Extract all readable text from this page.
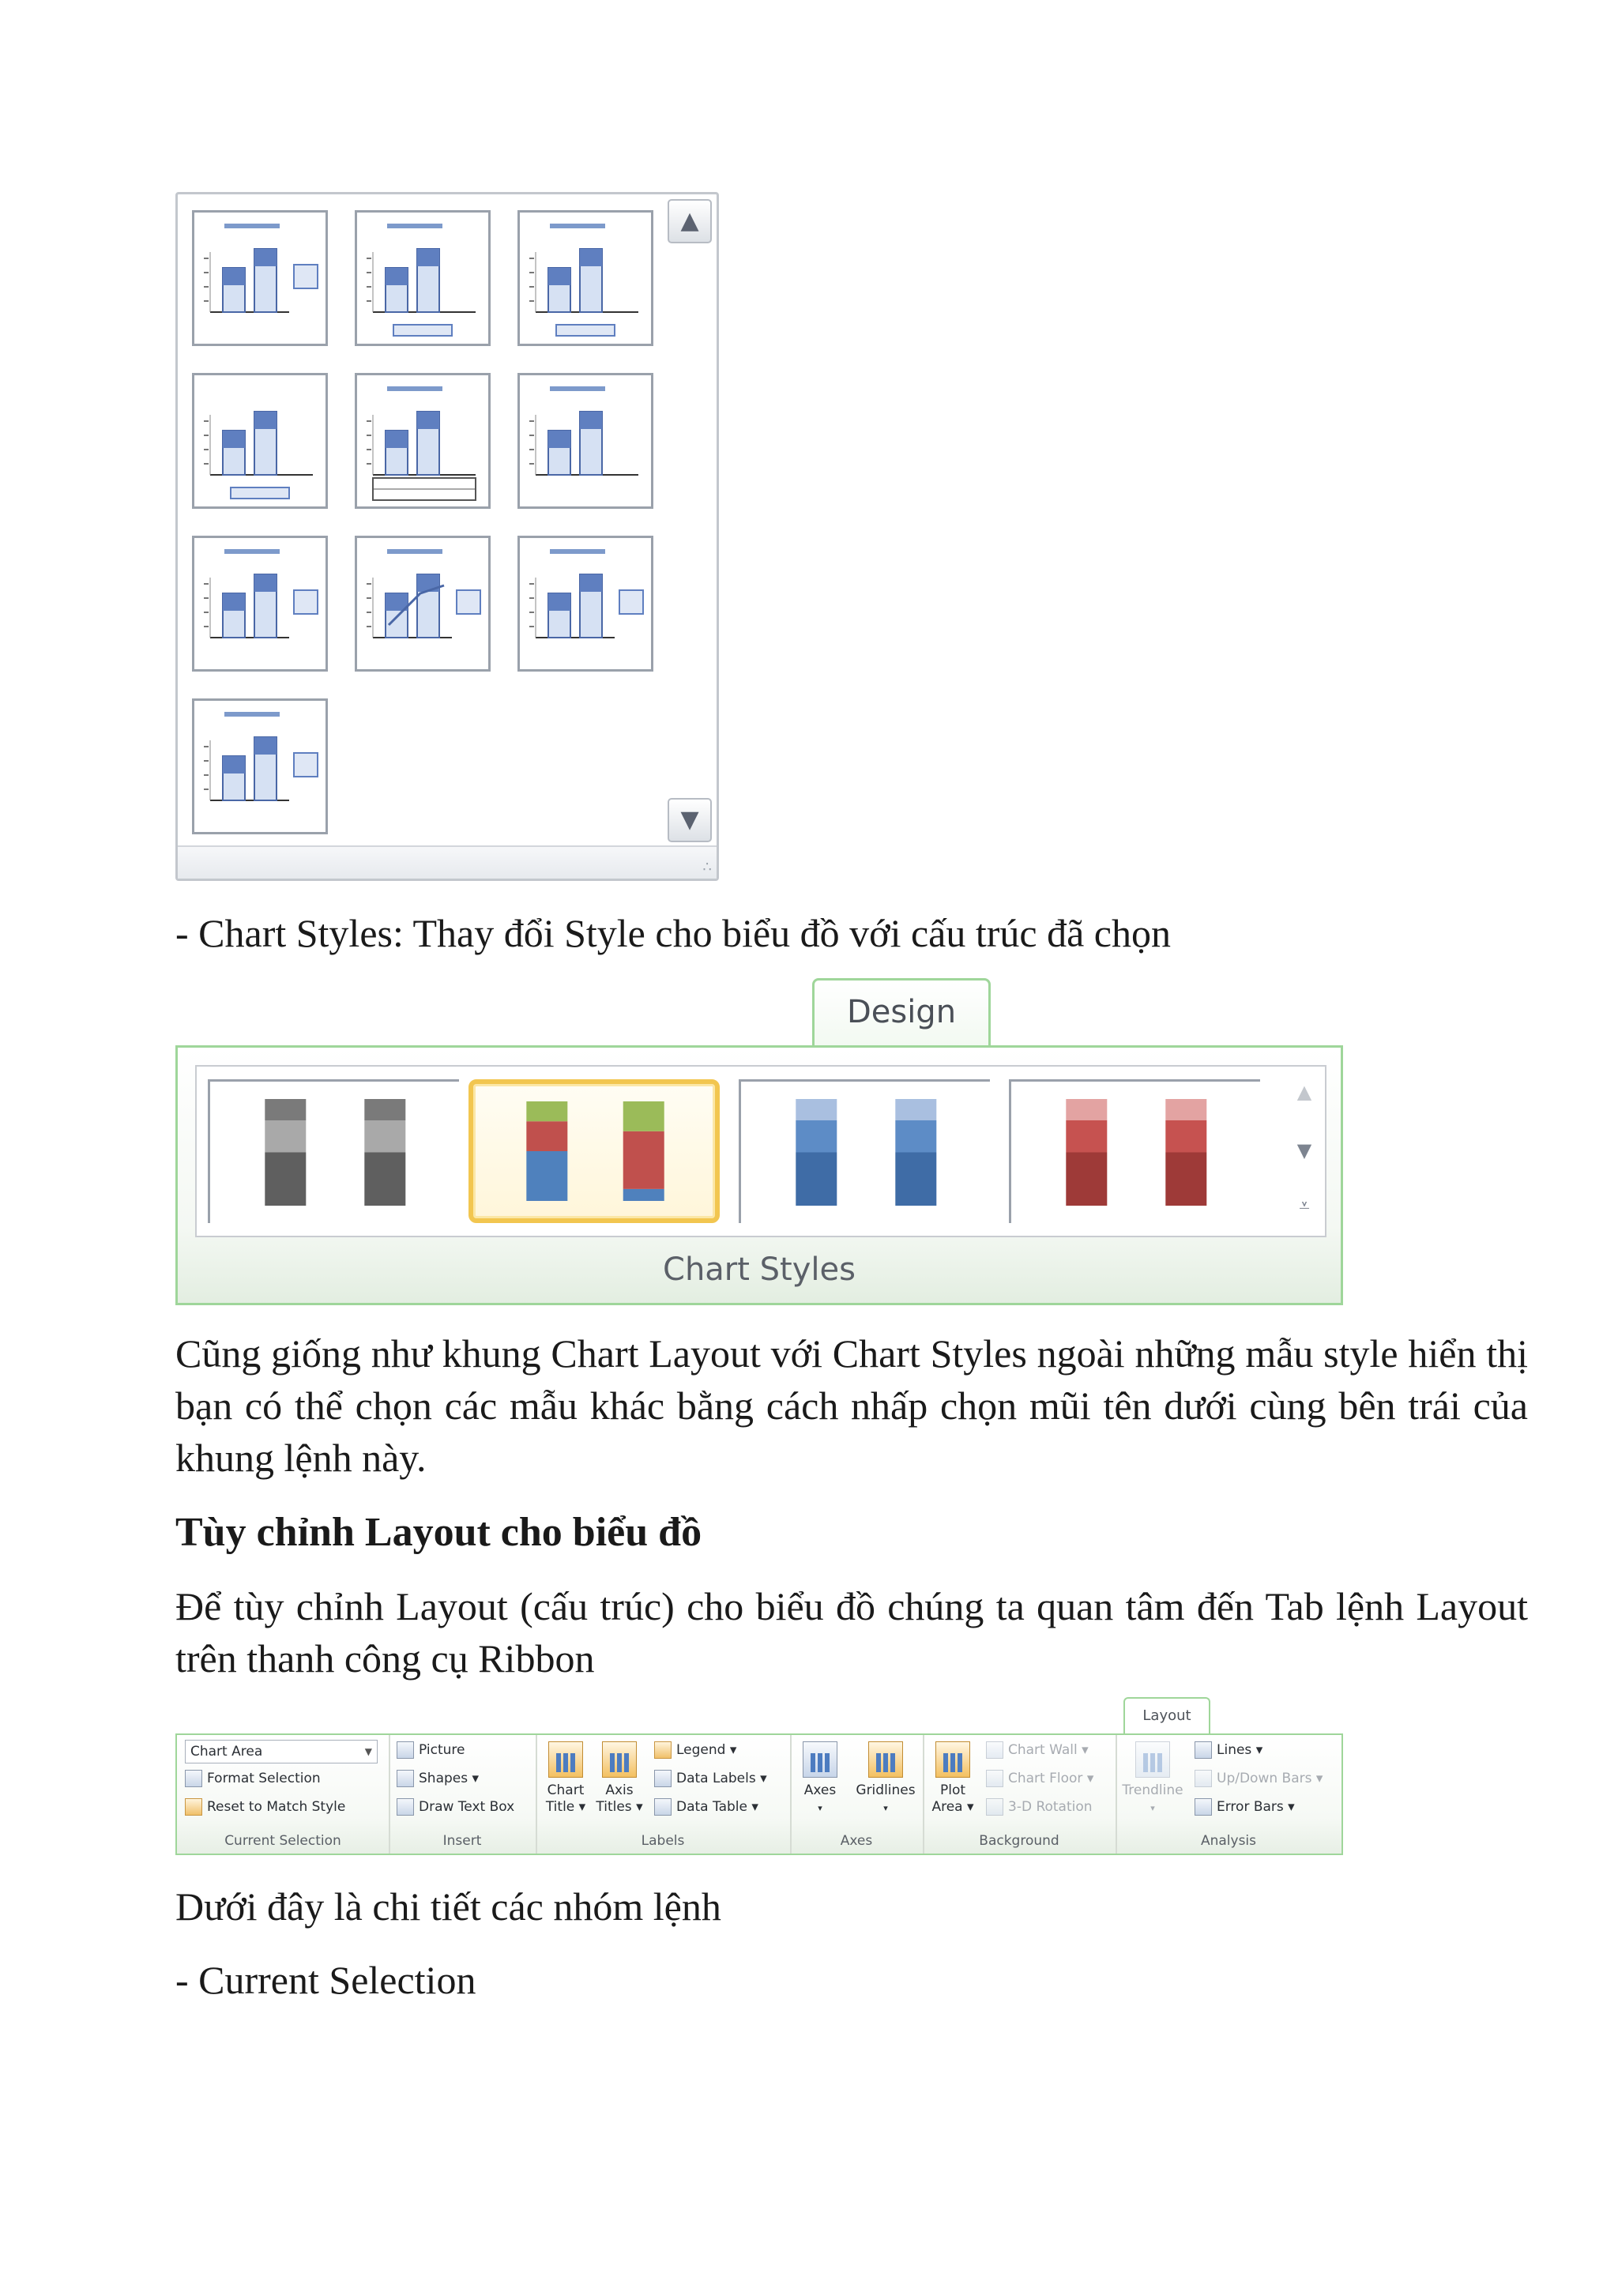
▲
▼
∴
- Chart Styles: Thay đổi Style cho biểu đồ với cấu trúc đã chọn
Design
▲
▼
⩡
Chart Styles
Cũng giống như khung Chart Layout với Chart Styles ngoài những mẫu style hiển thị bạn có thể chọn các mẫu khác bằng cách nhấp chọn mũi tên dưới cùng bên trái của khung lệnh này.
Tùy chỉnh Layout cho biểu đồ
Để tùy chỉnh Layout (cấu trúc) cho biểu đồ chúng ta quan tâm đến Tab lệnh Layout trên thanh công cụ Ribbon
Layout
Chart Area	▼
Format Selection
Reset to Match Style
Current Selection
Picture
Shapes ▾
Draw Text Box
Insert
Chart
Title ▾
Axis
Titles ▾
Legend ▾
Data Labels ▾
Data Table ▾
Labels
Axes
▾
Gridlines
▾
Axes
Plot
Area ▾
Chart Wall ▾
Chart Floor ▾
3-D Rotation
Background
Trendline
▾
Lines ▾
Up/Down Bars ▾
Error Bars ▾
Analysis
Dưới đây là chi tiết các nhóm lệnh
- Current Selection
